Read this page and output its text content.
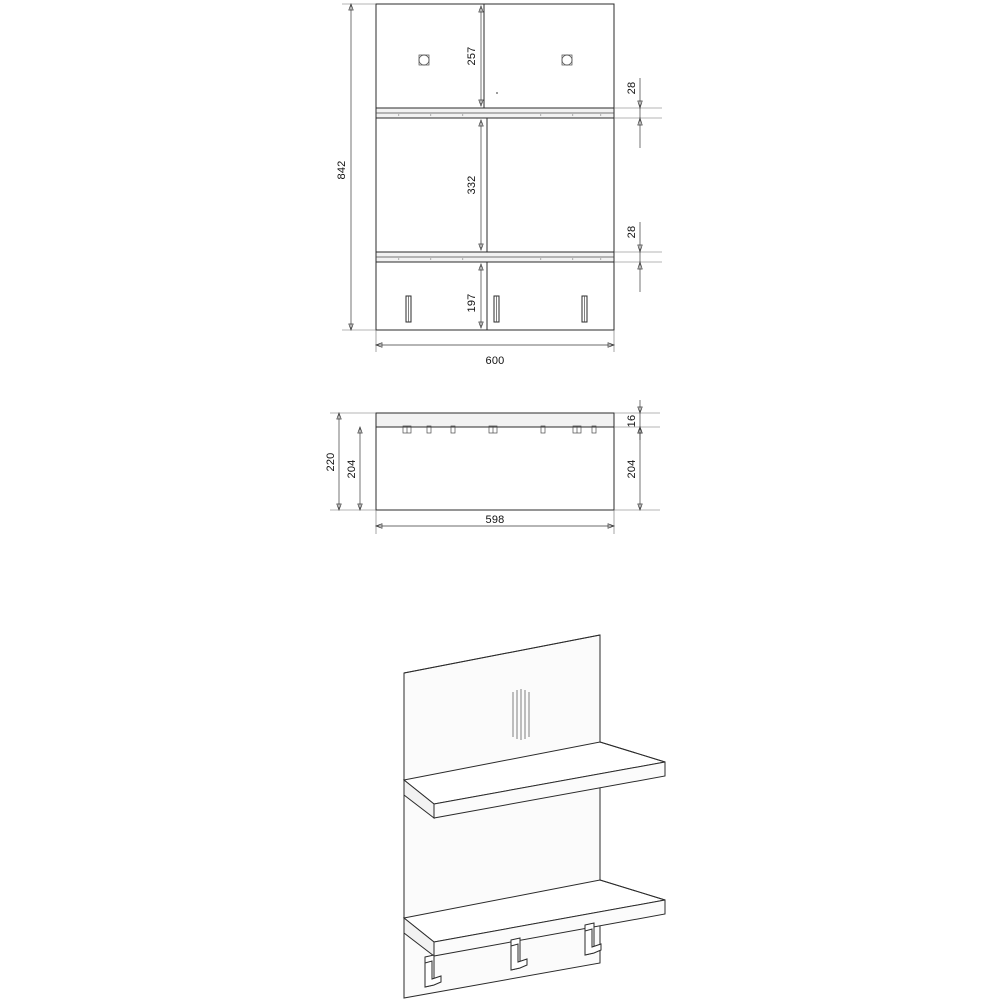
•	•	•	•	•	•
•	•	•	•	•	•
842
257
28
332
28
197
600
220 204
16
204
598
